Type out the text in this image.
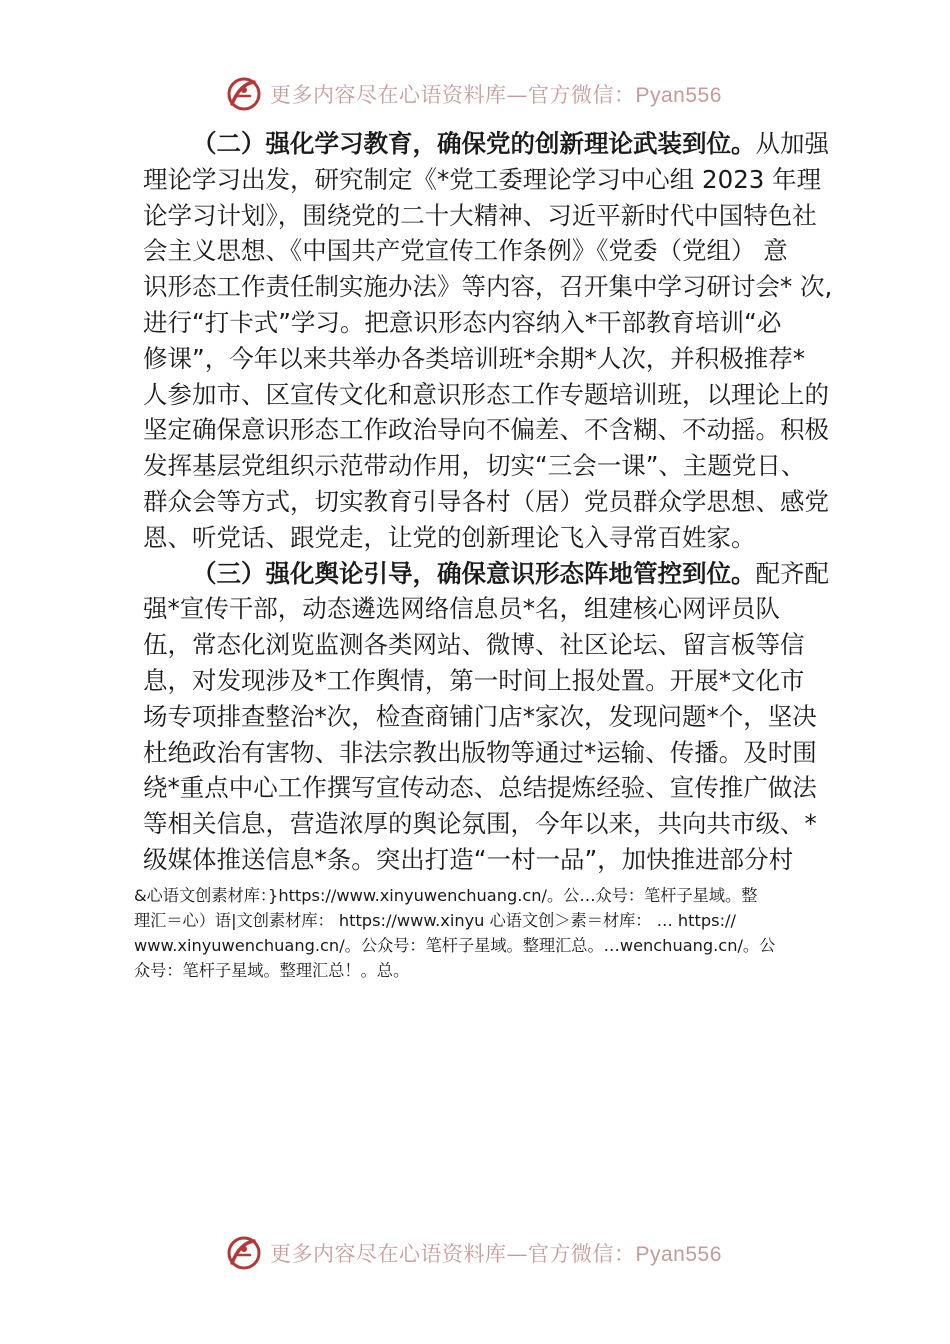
更多内容尽在心语资料库—官方微信：Pyan556
（二）强化学习教育，确保党的创新理论武装到位。从加强
理论学习出发，研究制定《*党工委理论学习中心组 2023 年理
论学习计划》，围绕党的二十大精神、习近平新时代中国特色社
会主义思想、《中国共产党宣传工作条例》《党委（党组） 意
识形态工作责任制实施办法》等内容，召开集中学习研讨会* 次,
进行“打卡式”学习。把意识形态内容纳入*干部教育培训“必
修课”，今年以来共举办各类培训班*余期*人次，并积极推荐*
人参加市、区宣传文化和意识形态工作专题培训班，以理论上的
坚定确保意识形态工作政治导向不偏差、不含糊、不动摇。积极
发挥基层党组织示范带动作用，切实“三会一课”、主题党日、
群众会等方式，切实教育引导各村（居）党员群众学思想、感党
恩、听党话、跟党走，让党的创新理论飞入寻常百姓家。
（三）强化舆论引导，确保意识形态阵地管控到位。配齐配
强*宣传干部，动态遴选网络信息员*名，组建核心网评员队
伍，常态化浏览监测各类网站、微博、社区论坛、留言板等信
息，对发现涉及*工作舆情，第一时间上报处置。开展*文化市
场专项排查整治*次，检查商铺门店*家次，发现问题*个，坚决
杜绝政治有害物、非法宗教出版物等通过*运输、传播。及时围
绕*重点中心工作撰写宣传动态、总结提炼经验、宣传推广做法
等相关信息，营造浓厚的舆论氛围，今年以来，共向共市级、*
级媒体推送信息*条。突出打造“一村一品”，加快推进部分村
&心语文创素材库：}https://www.xinyuwenchuang.cn/。公…众号：笔杆子星域。整
理汇＝心）语|文创素材库： https://www.xinyu 心语文创＞素＝材库： … https://
www.xinyuwenchuang.cn/。公众号：笔杆子星域。整理汇总。…wenchuang.cn/。公
众号：笔杆子星域。整理汇总！。总。
更多内容尽在心语资料库—官方微信：Pyan556
